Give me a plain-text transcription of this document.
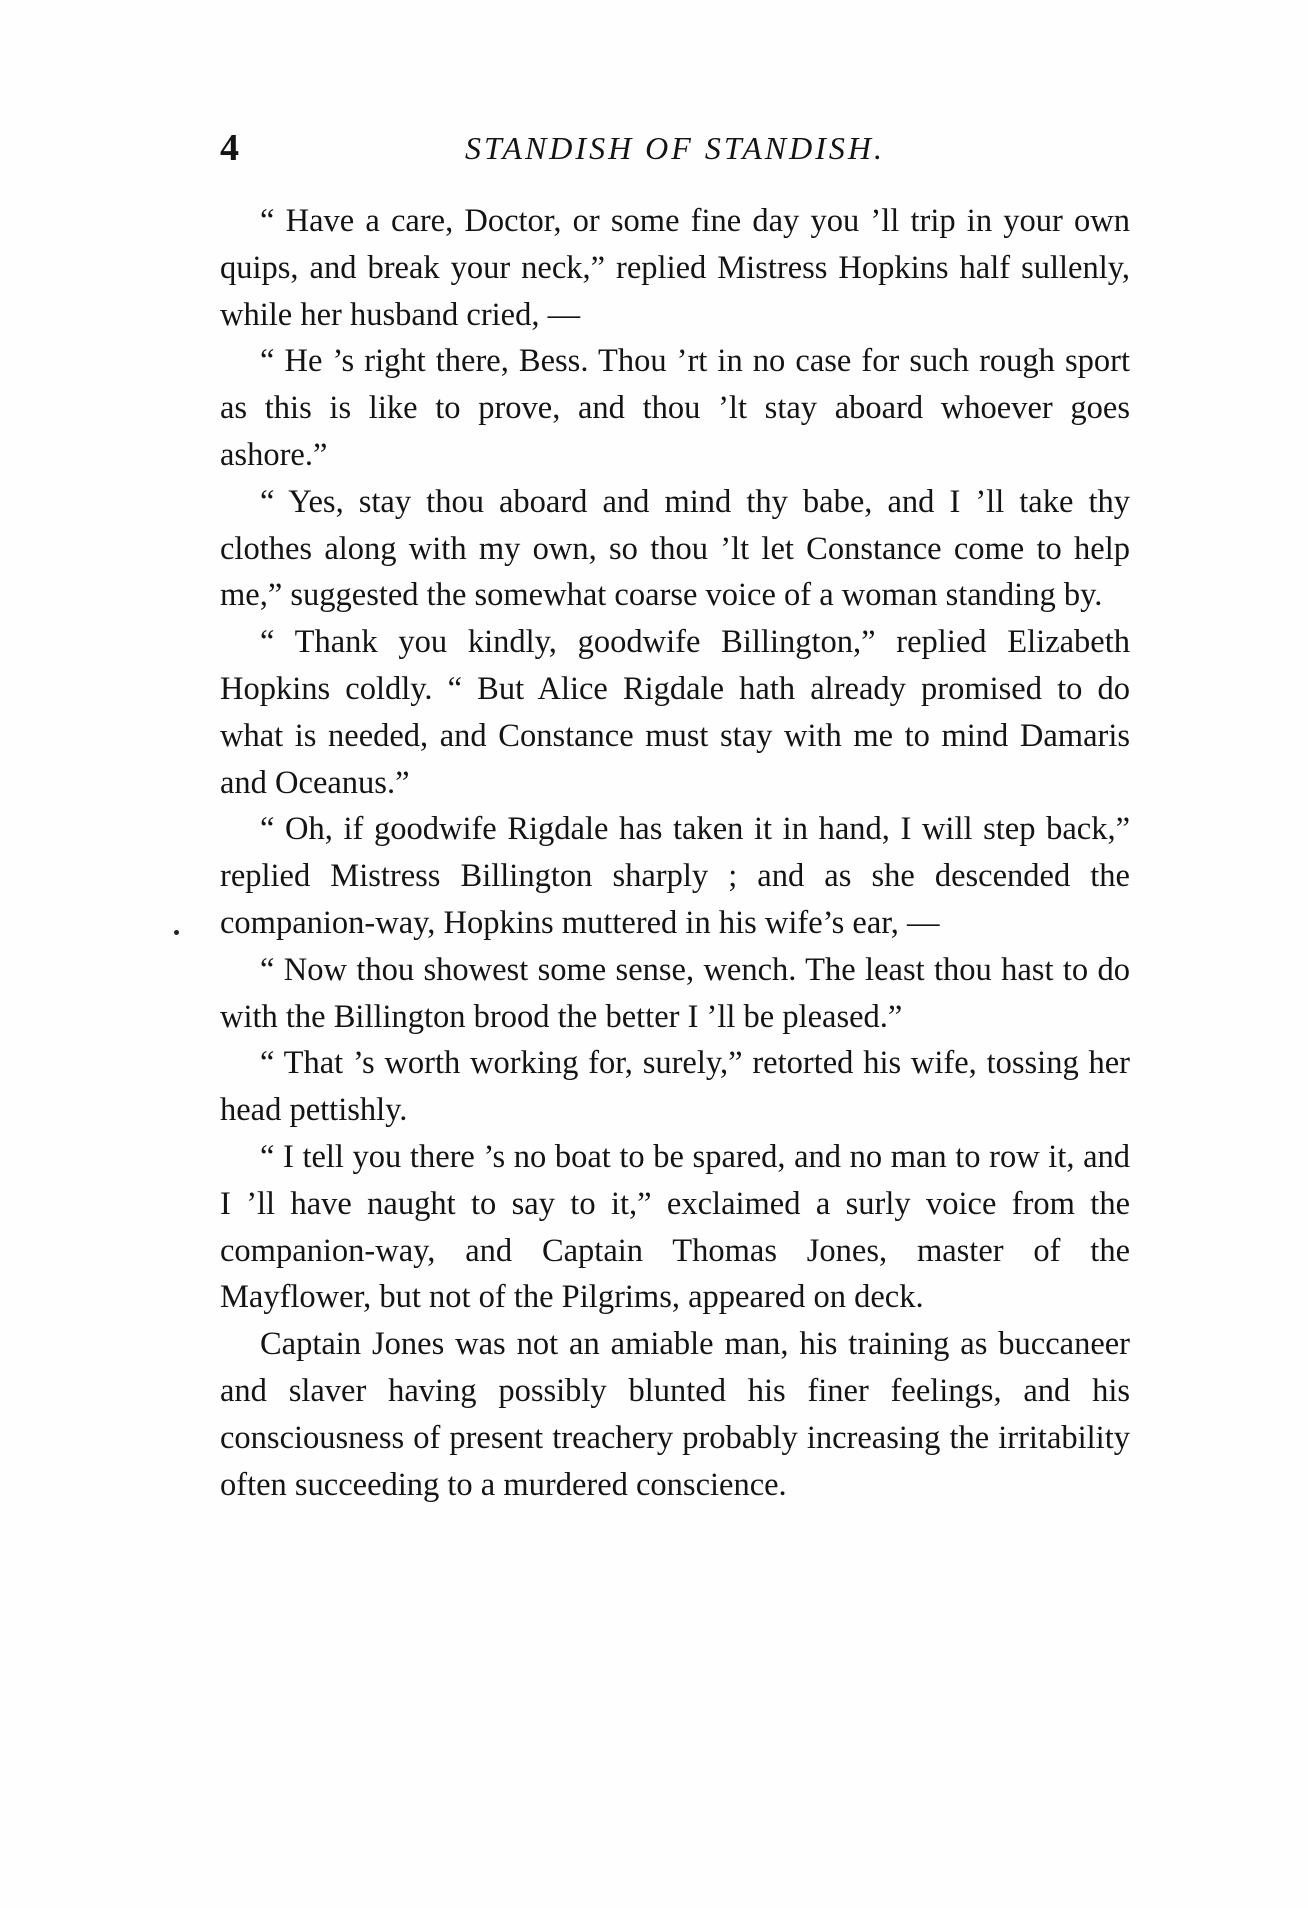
STANDISH OF STANDISH.
4

“ Have a care, Doctor, or some fine day you ’ll trip in your own quips, and break your neck,” replied Mistress Hopkins half sullenly, while her husband cried, —

“ He ’s right there, Bess. Thou ’rt in no case for such rough sport as this is like to prove, and thou ’lt stay aboard whoever goes ashore.”

“ Yes, stay thou aboard and mind thy babe, and I ’ll take thy clothes along with my own, so thou ’lt let Constance come to help me,” suggested the somewhat coarse voice of a woman standing by.

“ Thank you kindly, goodwife Billington,” replied Elizabeth Hopkins coldly. “ But Alice Rigdale hath already promised to do what is needed, and Constance must stay with me to mind Damaris and Oceanus.”

“ Oh, if goodwife Rigdale has taken it in hand, I will step back,” replied Mistress Billington sharply ; and as she descended the companion-way, Hopkins muttered in his wife’s ear, —

“ Now thou showest some sense, wench. The least thou hast to do with the Billington brood the better I ’ll be pleased.”

“ That ’s worth working for, surely,” retorted his wife, tossing her head pettishly.

“ I tell you there ’s no boat to be spared, and no man to row it, and I ’ll have naught to say to it,” exclaimed a surly voice from the companion-way, and Captain Thomas Jones, master of the Mayflower, but not of the Pilgrims, appeared on deck.

Captain Jones was not an amiable man, his training as buccaneer and slaver having possibly blunted his finer feelings, and his consciousness of present treachery probably increasing the irritability often succeeding to a murdered conscience.
